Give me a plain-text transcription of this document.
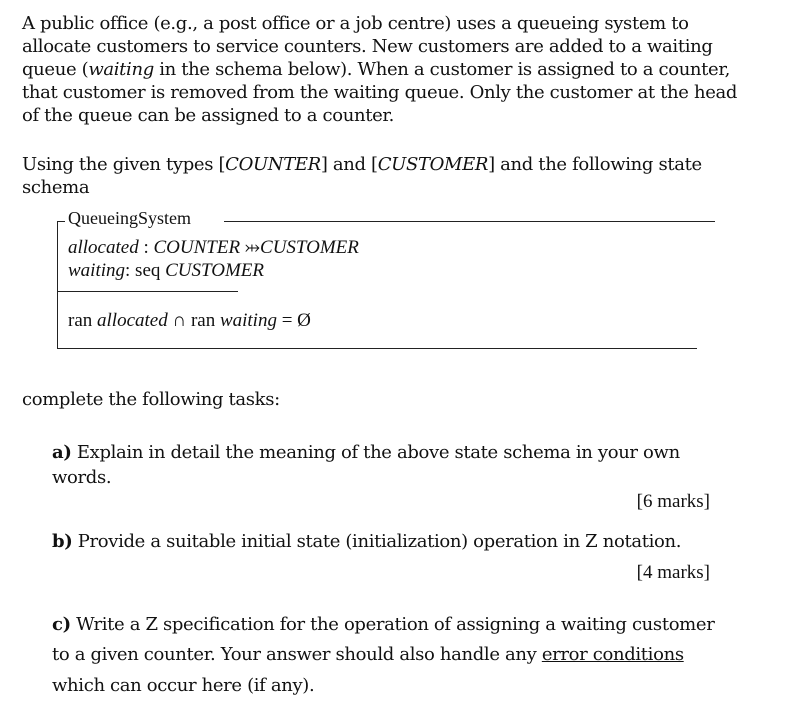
A public office (e.g., a post office or a job centre) uses a queueing system to
allocate customers to service counters. New customers are added to a waiting
queue (waiting in the schema below). When a customer is assigned to a counter,
that customer is removed from the waiting queue. Only the customer at the head
of the queue can be assigned to a counter.
Using the given types [COUNTER] and [CUSTOMER] and the following state
schema
QueueingSystem
allocated : COUNTER ⤔CUSTOMER
waiting: seq CUSTOMER
ran allocated ∩ ran waiting = Ø
complete the following tasks:
a) Explain in detail the meaning of the above state schema in your own
words.
[6 marks]
b) Provide a suitable initial state (initialization) operation in Z notation.
[4 marks]
c) Write a Z specification for the operation of assigning a waiting customer
to a given counter. Your answer should also handle any error conditions
which can occur here (if any).
